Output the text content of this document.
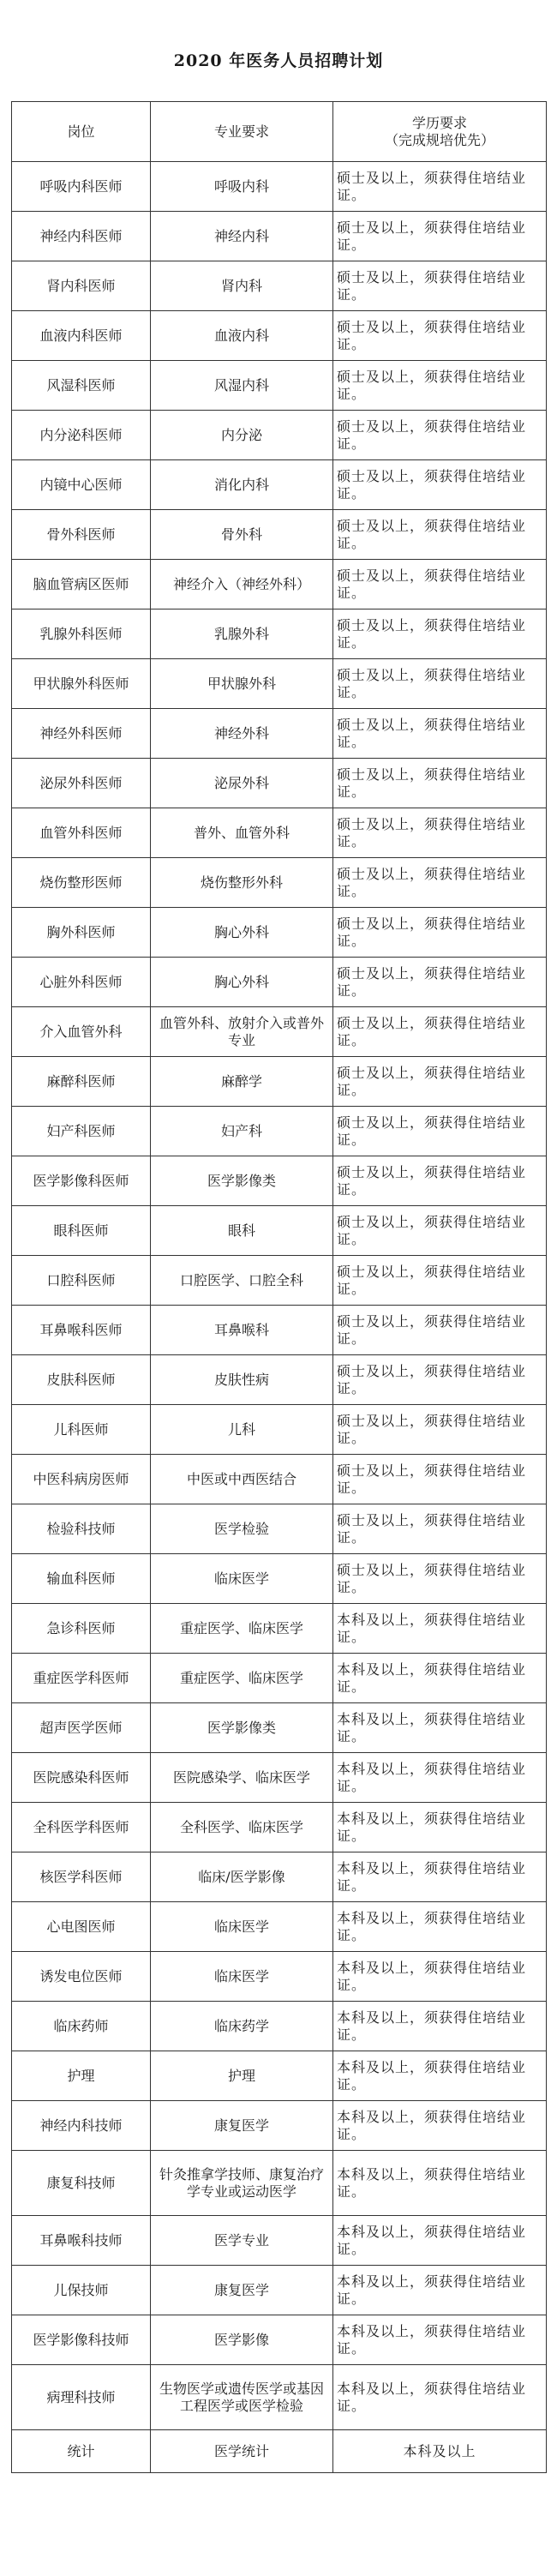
2020 年医务人员招聘计划
岗位	专业要求	学历要求
（完成规培优先）

呼吸内科医师	呼吸内科	硕士及以上，须获得住培结业证。
神经内科医师	神经内科	硕士及以上，须获得住培结业证。
肾内科医师	肾内科	硕士及以上，须获得住培结业证。
血液内科医师	血液内科	硕士及以上，须获得住培结业证。
风湿科医师	风湿内科	硕士及以上，须获得住培结业证。
内分泌科医师	内分泌	硕士及以上，须获得住培结业证。
内镜中心医师	消化内科	硕士及以上，须获得住培结业证。
骨外科医师	骨外科	硕士及以上，须获得住培结业证。
脑血管病区医师	神经介入（神经外科）	硕士及以上，须获得住培结业证。
乳腺外科医师	乳腺外科	硕士及以上，须获得住培结业证。
甲状腺外科医师	甲状腺外科	硕士及以上，须获得住培结业证。
神经外科医师	神经外科	硕士及以上，须获得住培结业证。
泌尿外科医师	泌尿外科	硕士及以上，须获得住培结业证。
血管外科医师	普外、血管外科	硕士及以上，须获得住培结业证。
烧伤整形医师	烧伤整形外科	硕士及以上，须获得住培结业证。
胸外科医师	胸心外科	硕士及以上，须获得住培结业证。
心脏外科医师	胸心外科	硕士及以上，须获得住培结业证。
介入血管外科	血管外科、放射介入或普外专业	硕士及以上，须获得住培结业证。
麻醉科医师	麻醉学	硕士及以上，须获得住培结业证。
妇产科医师	妇产科	硕士及以上，须获得住培结业证。
医学影像科医师	医学影像类	硕士及以上，须获得住培结业证。
眼科医师	眼科	硕士及以上，须获得住培结业证。
口腔科医师	口腔医学、口腔全科	硕士及以上，须获得住培结业证。
耳鼻喉科医师	耳鼻喉科	硕士及以上，须获得住培结业证。
皮肤科医师	皮肤性病	硕士及以上，须获得住培结业证。
儿科医师	儿科	硕士及以上，须获得住培结业证。
中医科病房医师	中医或中西医结合	硕士及以上，须获得住培结业证。
检验科技师	医学检验	硕士及以上，须获得住培结业证。
输血科医师	临床医学	硕士及以上，须获得住培结业证。
急诊科医师	重症医学、临床医学	本科及以上，须获得住培结业证。
重症医学科医师	重症医学、临床医学	本科及以上，须获得住培结业证。
超声医学医师	医学影像类	本科及以上，须获得住培结业证。
医院感染科医师	医院感染学、临床医学	本科及以上，须获得住培结业证。
全科医学科医师	全科医学、临床医学	本科及以上，须获得住培结业证。
核医学科医师	临床/医学影像	本科及以上，须获得住培结业证。
心电图医师	临床医学	本科及以上，须获得住培结业证。
诱发电位医师	临床医学	本科及以上，须获得住培结业证。
临床药师	临床药学	本科及以上，须获得住培结业证。
护理	护理	本科及以上，须获得住培结业证。
神经内科技师	康复医学	本科及以上，须获得住培结业证。
康复科技师	针灸推拿学技师、康复治疗学专业或运动医学	本科及以上，须获得住培结业证。
耳鼻喉科技师	医学专业	本科及以上，须获得住培结业证。
儿保技师	康复医学	本科及以上，须获得住培结业证。
医学影像科技师	医学影像	本科及以上，须获得住培结业证。
病理科技师	生物医学或遗传医学或基因工程医学或医学检验	本科及以上，须获得住培结业证。
统计	医学统计	本科及以上
